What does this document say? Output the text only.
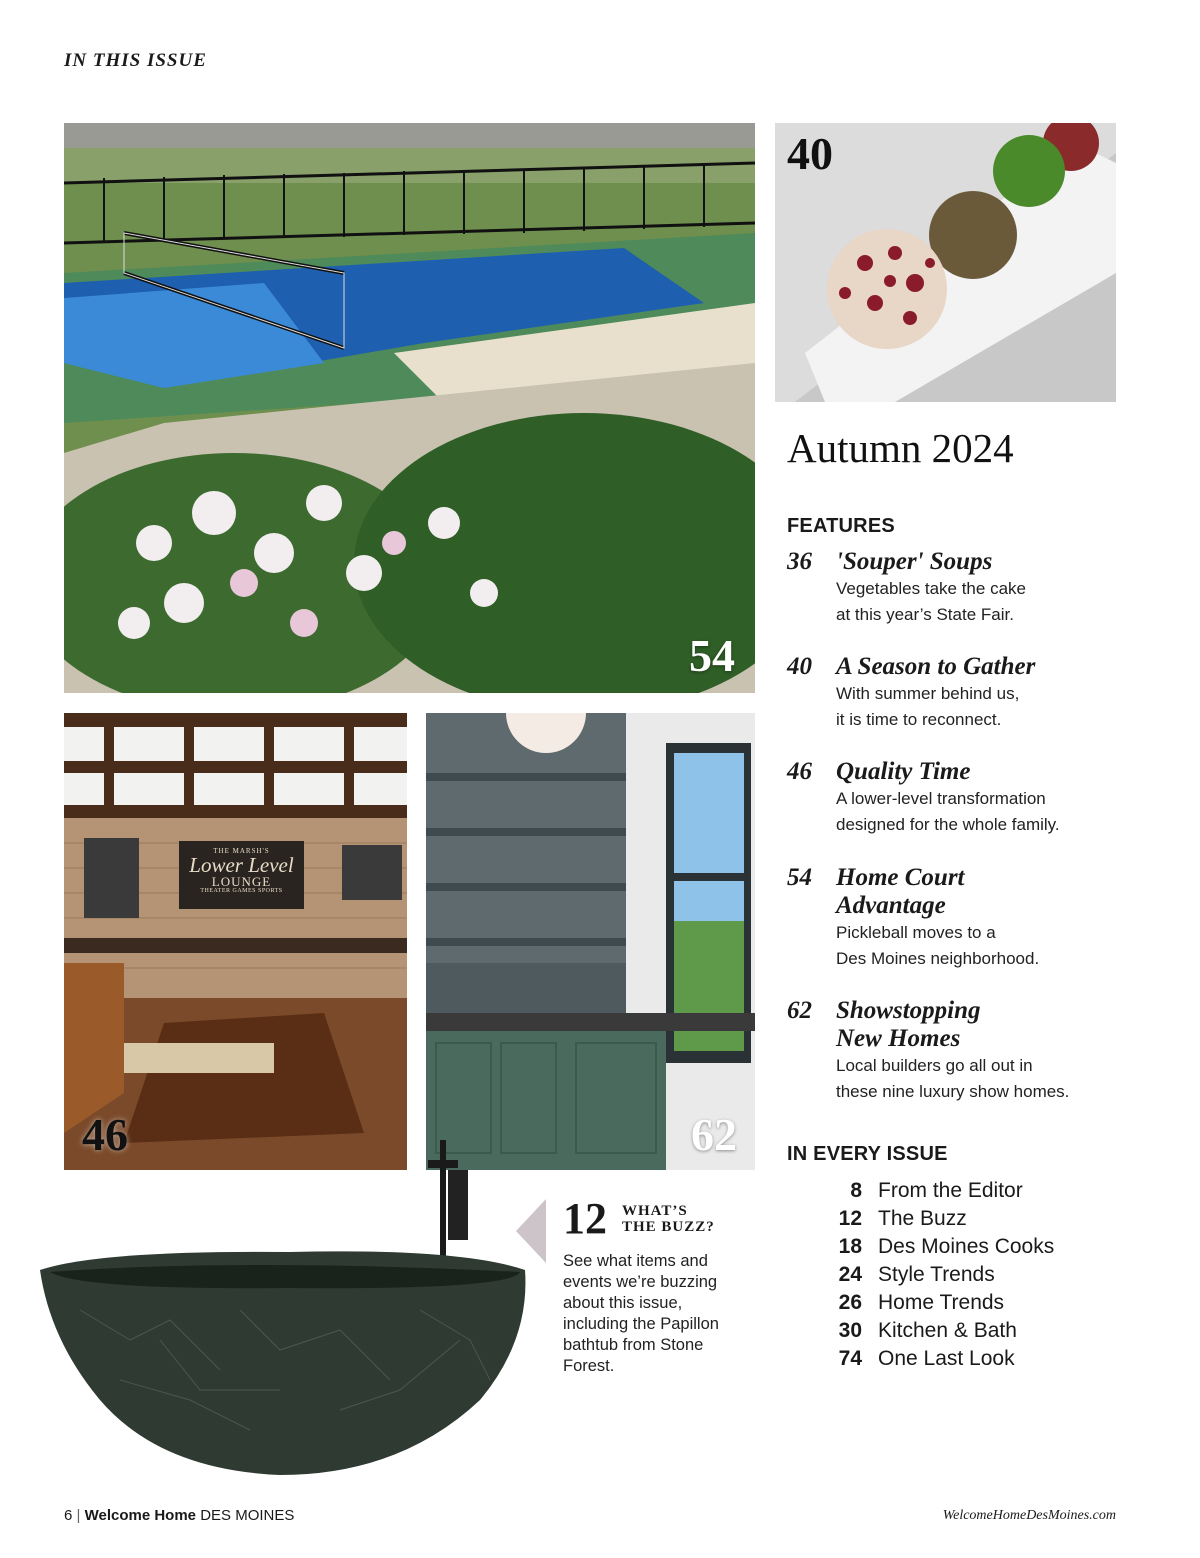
IN THIS ISSUE
54
40
THE MARSH'S
Lower Level
LOUNGE
THEATER GAMES SPORTS
46	62
Autumn 2024
FEATURES
36 'Souper' Soups
Vegetables take the cake
at this year’s State Fair.
40 A Season to Gather
With summer behind us,
it is time to reconnect.
46 Quality Time
A lower-level transformation
designed for the whole family.
54 Home Court
Advantage
Pickleball moves to a
Des Moines neighborhood.
62 Showstopping
New Homes
Local builders go all out in
these nine luxury show homes.
IN EVERY ISSUE
8 From the Editor
12 The Buzz
18 Des Moines Cooks
24 Style Trends
26 Home Trends
30 Kitchen & Bath
74 One Last Look
12 WHAT’S
THE BUZZ?
See what items and events we’re buzzing about this issue, including the Papillon bathtub from Stone Forest.
6 | Welcome Home DES MOINES	WelcomeHomeDesMoines.com
